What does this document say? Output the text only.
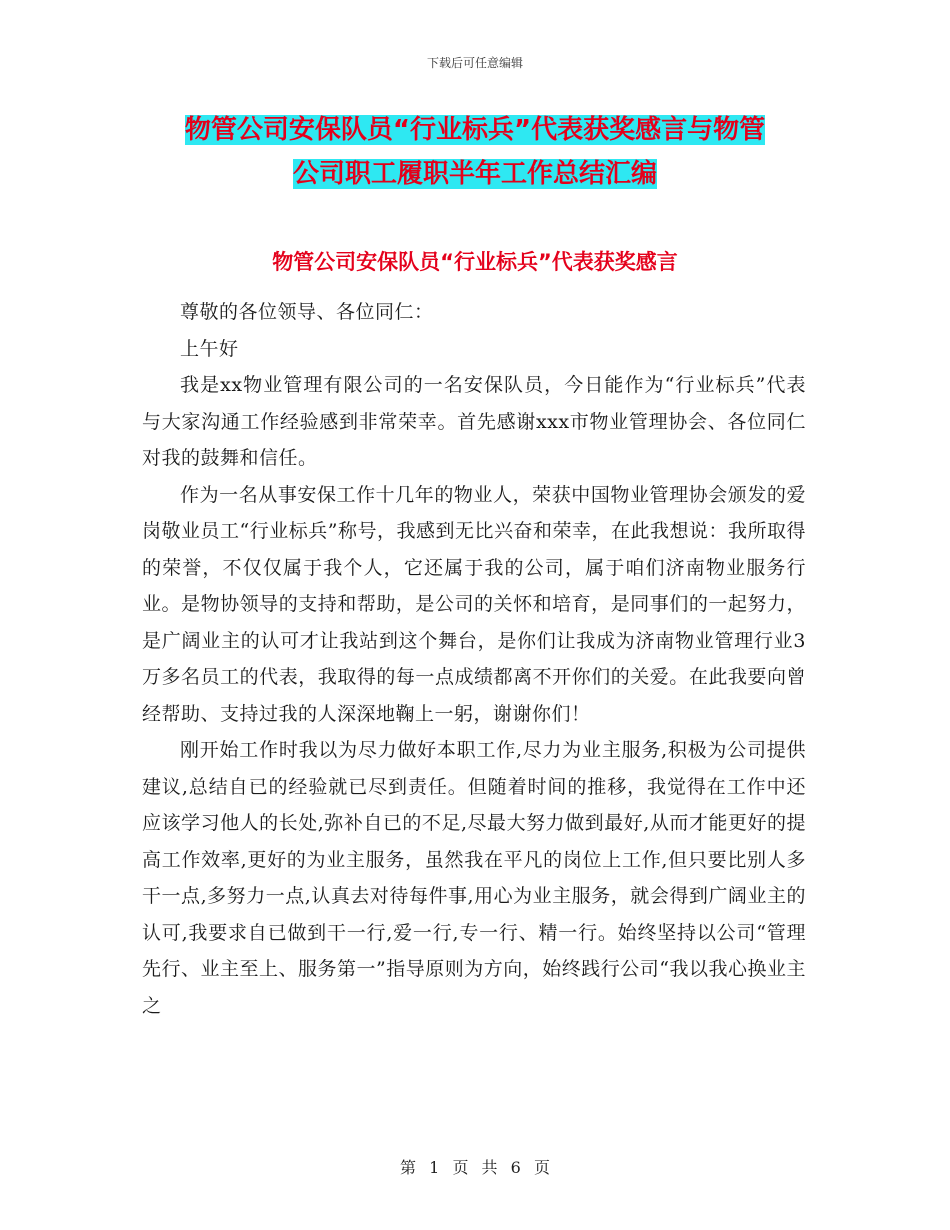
下载后可任意编辑
物管公司安保队员“行业标兵”代表获奖感言与物管
公司职工履职半年工作总结汇编
物管公司安保队员“行业标兵”代表获奖感言

尊敬的各位领导、各位同仁：

上午好

我是xx物业管理有限公司的一名安保队员，今日能作为“行业标兵”代表与大家沟通工作经验感到非常荣幸。首先感谢xxx市物业管理协会、各位同仁对我的鼓舞和信任。

作为一名从事安保工作十几年的物业人，荣获中国物业管理协会颁发的爱岗敬业员工“行业标兵”称号，我感到无比兴奋和荣幸，在此我想说：我所取得的荣誉，不仅仅属于我个人，它还属于我的公司，属于咱们济南物业服务行业。是物协领导的支持和帮助，是公司的关怀和培育，是同事们的一起努力，是广阔业主的认可才让我站到这个舞台，是你们让我成为济南物业管理行业3万多名员工的代表，我取得的每一点成绩都离不开你们的关爱。在此我要向曾经帮助、支持过我的人深深地鞠上一躬，谢谢你们！

刚开始工作时我以为尽力做好本职工作,尽力为业主服务,积极为公司提供建议,总结自已的经验就已尽到责任。但随着时间的推移，我觉得在工作中还应该学习他人的长处,弥补自已的不足,尽最大努力做到最好,从而才能更好的提高工作效率,更好的为业主服务，虽然我在平凡的岗位上工作,但只要比别人多干一点,多努力一点,认真去对待每件事,用心为业主服务，就会得到广阔业主的认可,我要求自已做到干一行,爱一行,专一行、精一行。始终坚持以公司“管理先行、业主至上、服务第一”指导原则为方向，始终践行公司“我以我心换业主之

第 1 页 共 6 页
